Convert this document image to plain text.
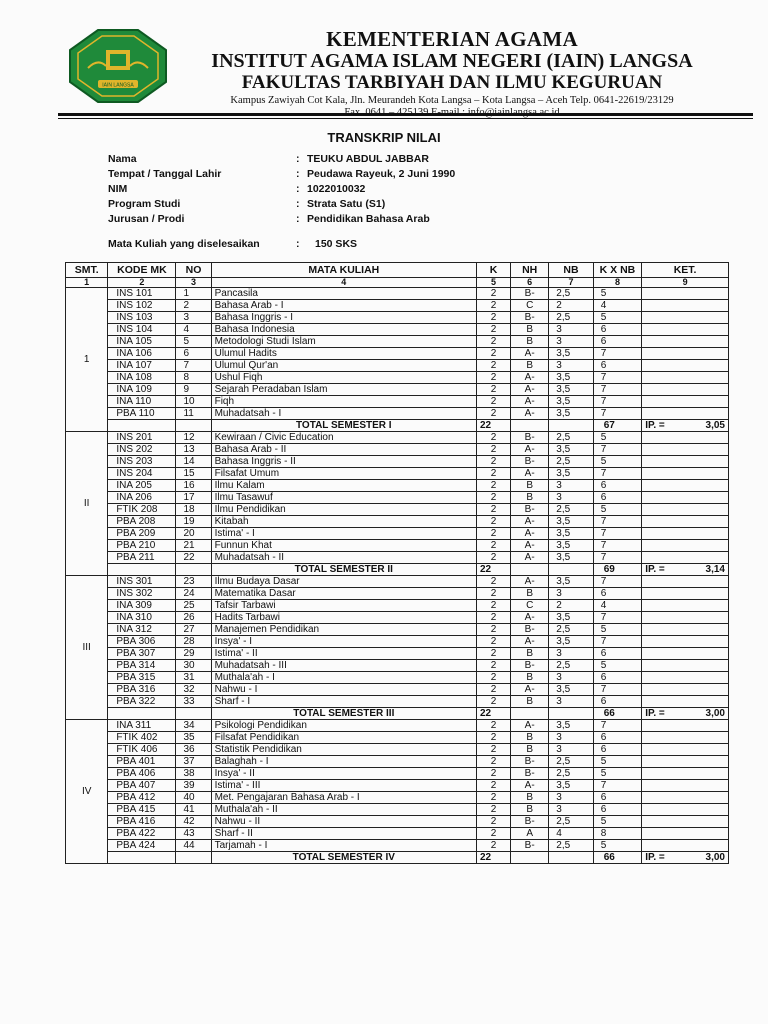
IAIN LANGSA
KEMENTERIAN AGAMA
INSTITUT AGAMA ISLAM NEGERI (IAIN) LANGSA
FAKULTAS TARBIYAH DAN ILMU KEGURUAN
Kampus Zawiyah Cot Kala, Jln. Meurandeh Kota Langsa – Kota Langsa – Aceh Telp. 0641-22619/23129
TRANSKRIP NILAI
Nama	: TEUKU ABDUL JABBAR
Tempat / Tanggal Lahir	: Peudawa Rayeuk, 2 Juni 1990
NIM	: 1022010032
Program Studi	: Strata Satu (S1)
Jurusan / Prodi	: Pendidikan Bahasa Arab
Mata Kuliah yang diselesaikan	: 150 SKS
SMT.	KODE MK	NO	MATA KULIAH	K	NH	NB	K X NB	KET.
1	2	3	4	5	6	7	8	9
1	INS 101	1	Pancasila	2	B-	2,5	5	
	INS 102	2	Bahasa Arab - I	2	C	2	4	
	INS 103	3	Bahasa Inggris - I	2	B-	2,5	5	
	INS 104	4	Bahasa Indonesia	2	B	3	6	
	INA 105	5	Metodologi Studi Islam	2	B	3	6	
	INA 106	6	Ulumul Hadits	2	A-	3,5	7	
	INA 107	7	Ulumul Qur'an	2	B	3	6	
	INA 108	8	Ushul Fiqh	2	A-	3,5	7	
	INA 109	9	Sejarah Peradaban Islam	2	A-	3,5	7	
	INA 110	10	Fiqh	2	A-	3,5	7	
	PBA 110	11	Muhadatsah - I	2	A-	3,5	7	
			TOTAL SEMESTER I	22			67	IP. = 3,05

II	INS 201	12	Kewiraan / Civic Education	2	B-	2,5	5	
	INS 202	13	Bahasa Arab - II	2	A-	3,5	7	
	INS 203	14	Bahasa Inggris - II	2	B-	2,5	5	
	INS 204	15	Filsafat Umum	2	A-	3,5	7	
	INA 205	16	Ilmu Kalam	2	B	3	6	
	INA 206	17	Ilmu Tasawuf	2	B	3	6	
	FTIK 208	18	Ilmu Pendidikan	2	B-	2,5	5	
	PBA 208	19	Kitabah	2	A-	3,5	7	
	PBA 209	20	Istima' - I	2	A-	3,5	7	
	PBA 210	21	Funnun Khat	2	A-	3,5	7	
	PBA 211	22	Muhadatsah - II	2	A-	3,5	7	
			TOTAL SEMESTER II	22			69	IP. = 3,14

III	INS 301	23	Ilmu Budaya Dasar	2	A-	3,5	7	
	INS 302	24	Matematika Dasar	2	B	3	6	
	INA 309	25	Tafsir Tarbawi	2	C	2	4	
	INA 310	26	Hadits Tarbawi	2	A-	3,5	7	
	INA 312	27	Manajemen Pendidikan	2	B-	2,5	5	
	PBA 306	28	Insya' - I	2	A-	3,5	7	
	PBA 307	29	Istima' - II	2	B	3	6	
	PBA 314	30	Muhadatsah - III	2	B-	2,5	5	
	PBA 315	31	Muthala'ah - I	2	B	3	6	
	PBA 316	32	Nahwu - I	2	A-	3,5	7	
	PBA 322	33	Sharf - I	2	B	3	6	
			TOTAL SEMESTER III	22			66	IP. = 3,00

IV	INA 311	34	Psikologi Pendidikan	2	A-	3,5	7	
	FTIK 402	35	Filsafat Pendidikan	2	B	3	6	
	FTIK 406	36	Statistik Pendidikan	2	B	3	6	
	PBA 401	37	Balaghah - I	2	B-	2,5	5	
	PBA 406	38	Insya' - II	2	B-	2,5	5	
	PBA 407	39	Istima' - III	2	A-	3,5	7	
	PBA 412	40	Met. Pengajaran Bahasa Arab - I	2	B	3	6	
	PBA 415	41	Muthala'ah - II	2	B	3	6	
	PBA 416	42	Nahwu - II	2	B-	2,5	5	
	PBA 422	43	Sharf - II	2	A	4	8	
	PBA 424	44	Tarjamah - I	2	B-	2,5	5	
			TOTAL SEMESTER IV	22			66	IP. = 3,00
